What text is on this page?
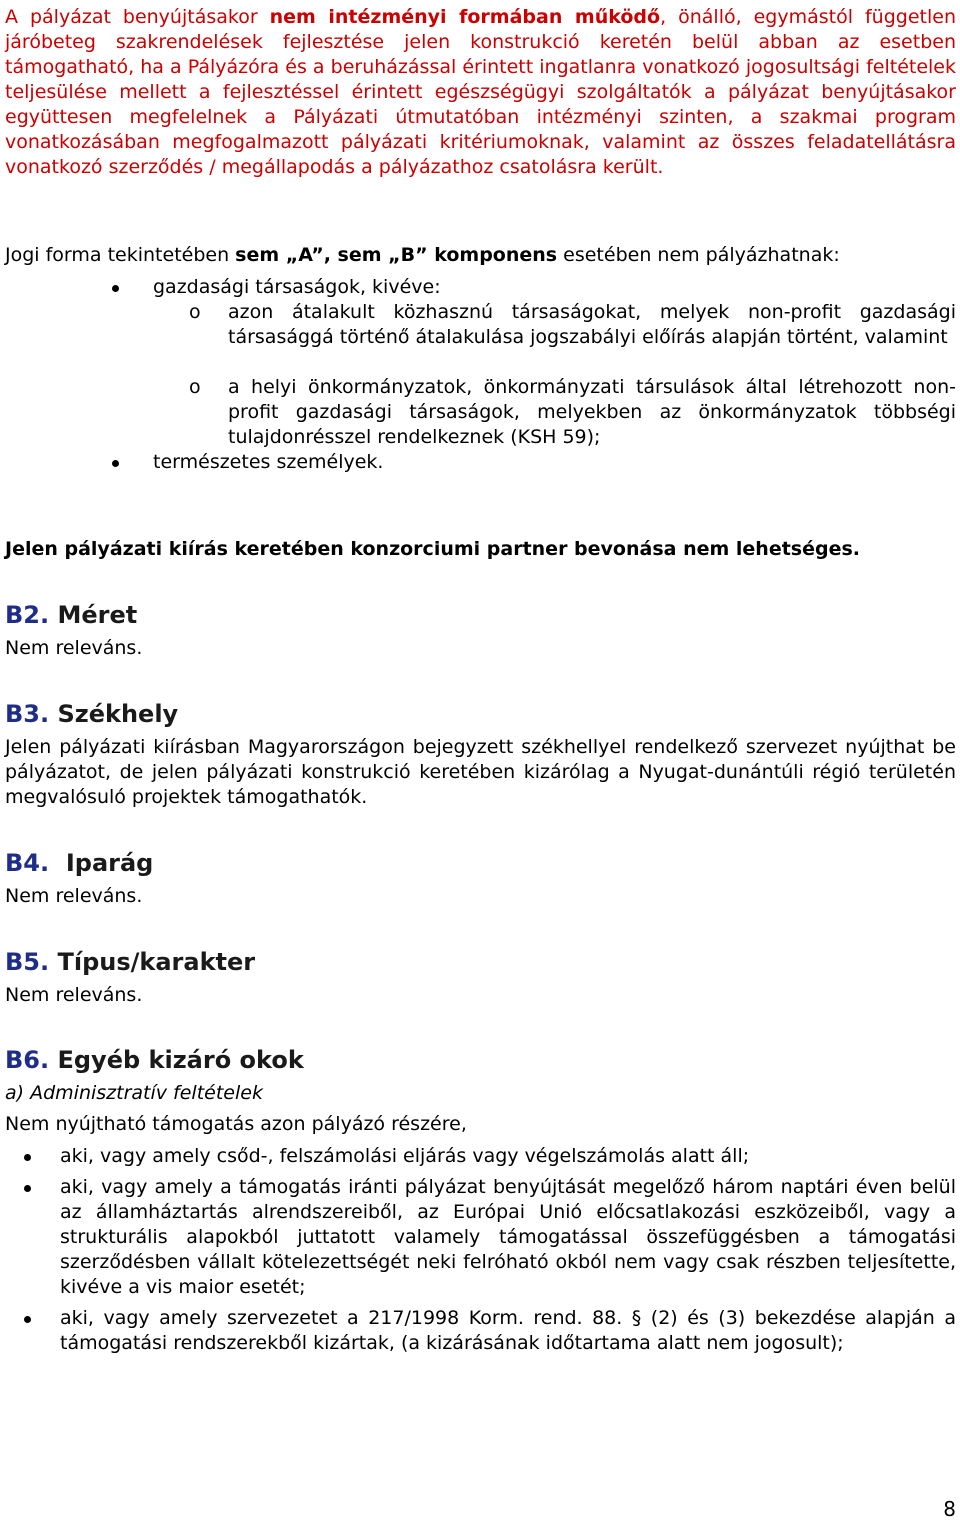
A pályázat benyújtásakor nem intézményi formában működő, önálló, egymástól független járóbeteg szakrendelések fejlesztése jelen konstrukció keretén belül abban az esetben támogatható, ha a Pályázóra és a beruházással érintett ingatlanra vonatkozó jogosultsági feltételek teljesülése mellett a fejlesztéssel érintett egészségügyi szolgáltatók a pályázat benyújtásakor együttesen megfelelnek a Pályázati útmutatóban intézményi szinten, a szakmai program vonatkozásában megfogalmazott pályázati kritériumoknak, valamint az összes feladatellátásra vonatkozó szerződés / megállapodás a pályázathoz csatolásra került.

Jogi forma tekintetében sem „A”, sem „B” komponens esetében nem pályázhatnak:

gazdasági társaságok, kivéve:
o azon átalakult közhasznú társaságokat, melyek non-profit gazdasági társasággá történő átalakulása jogszabályi előírás alapján történt, valamint
o a helyi önkormányzatok, önkormányzati társulások által létrehozott non-profit gazdasági társaságok, melyekben az önkormányzatok többségi tulajdonrésszel rendelkeznek (KSH 59);
természetes személyek.
Jelen pályázati kiírás keretében konzorciumi partner bevonása nem lehetséges.
B2. Méret
Nem releváns.
B3. Székhely

Jelen pályázati kiírásban Magyarországon bejegyzett székhellyel rendelkező szervezet nyújthat be pályázatot, de jelen pályázati konstrukció keretében kizárólag a Nyugat-dunántúli régió területén megvalósuló projektek támogathatók.

B4. Iparág
Nem releváns.
B5. Típus/karakter
Nem releváns.
B6. Egyéb kizáró okok
a) Adminisztratív feltételek
Nem nyújtható támogatás azon pályázó részére,
aki, vagy amely csőd-, felszámolási eljárás vagy végelszámolás alatt áll;
aki, vagy amely a támogatás iránti pályázat benyújtását megelőző három naptári éven belül az államháztartás alrendszereiből, az Európai Unió előcsatlakozási eszközeiből, vagy a strukturális alapokból juttatott valamely támogatással összefüggésben a támogatási szerződésben vállalt kötelezettségét neki felróható okból nem vagy csak részben teljesítette, kivéve a vis maior esetét;
aki, vagy amely szervezetet a 217/1998 Korm. rend. 88. § (2) és (3) bekezdése alapján a támogatási rendszerekből kizártak, (a kizárásának időtartama alatt nem jogosult);
8
